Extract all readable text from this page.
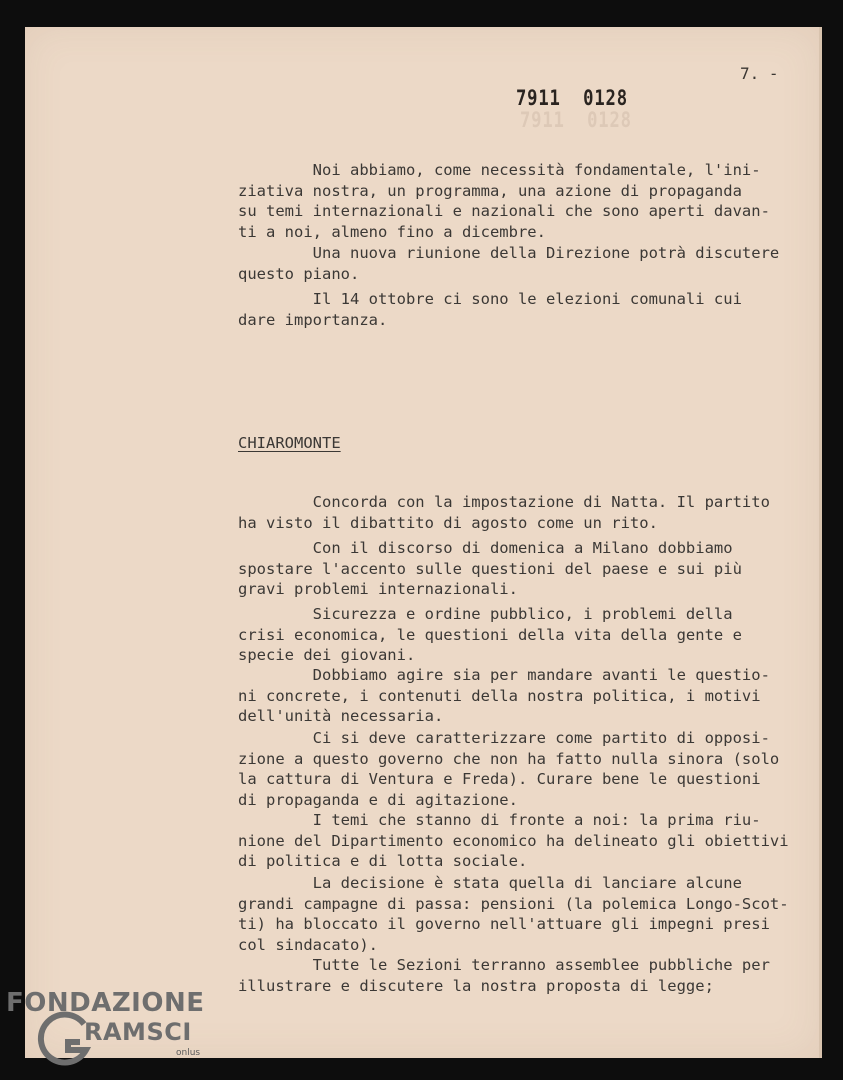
7. -
7911 0128
7911  0128

Noi abbiamo, come necessità fondamentale, l'ini-
ziativa nostra, un programma, una azione di propaganda
su temi internazionali e nazionali che sono aperti davan-
ti a noi, almeno fino a dicembre.

Una nuova riunione della Direzione potrà discutere
questo piano.

Il 14 ottobre ci sono le elezioni comunali cui
dare importanza.

CHIAROMONTE

Concorda con la impostazione di Natta. Il partito
ha visto il dibattito di agosto come un rito.

Con il discorso di domenica a Milano dobbiamo
spostare l'accento sulle questioni del paese e sui più
gravi problemi internazionali.

Sicurezza e ordine pubblico, i problemi della
crisi economica, le questioni della vita della gente e
specie dei giovani.

Dobbiamo agire sia per mandare avanti le questio-
ni concrete, i contenuti della nostra politica, i motivi
dell'unità necessaria.

Ci si deve caratterizzare come partito di opposi-
zione a questo governo che non ha fatto nulla sinora (solo
la cattura di Ventura e Freda). Curare bene le questioni
di propaganda e di agitazione.

I temi che stanno di fronte a noi: la prima riu-
nione del Dipartimento economico ha delineato gli obiettivi
di politica e di lotta sociale.

La decisione è stata quella di lanciare alcune
grandi campagne di passa: pensioni (la polemica Longo-Scot-
ti) ha bloccato il governo nell'attuare gli impegni presi
col sindacato).

Tutte le Sezioni terranno assemblee pubbliche per
illustrare e discutere la nostra proposta di legge;

FONDAZIONE
RAMSCI
onlus
